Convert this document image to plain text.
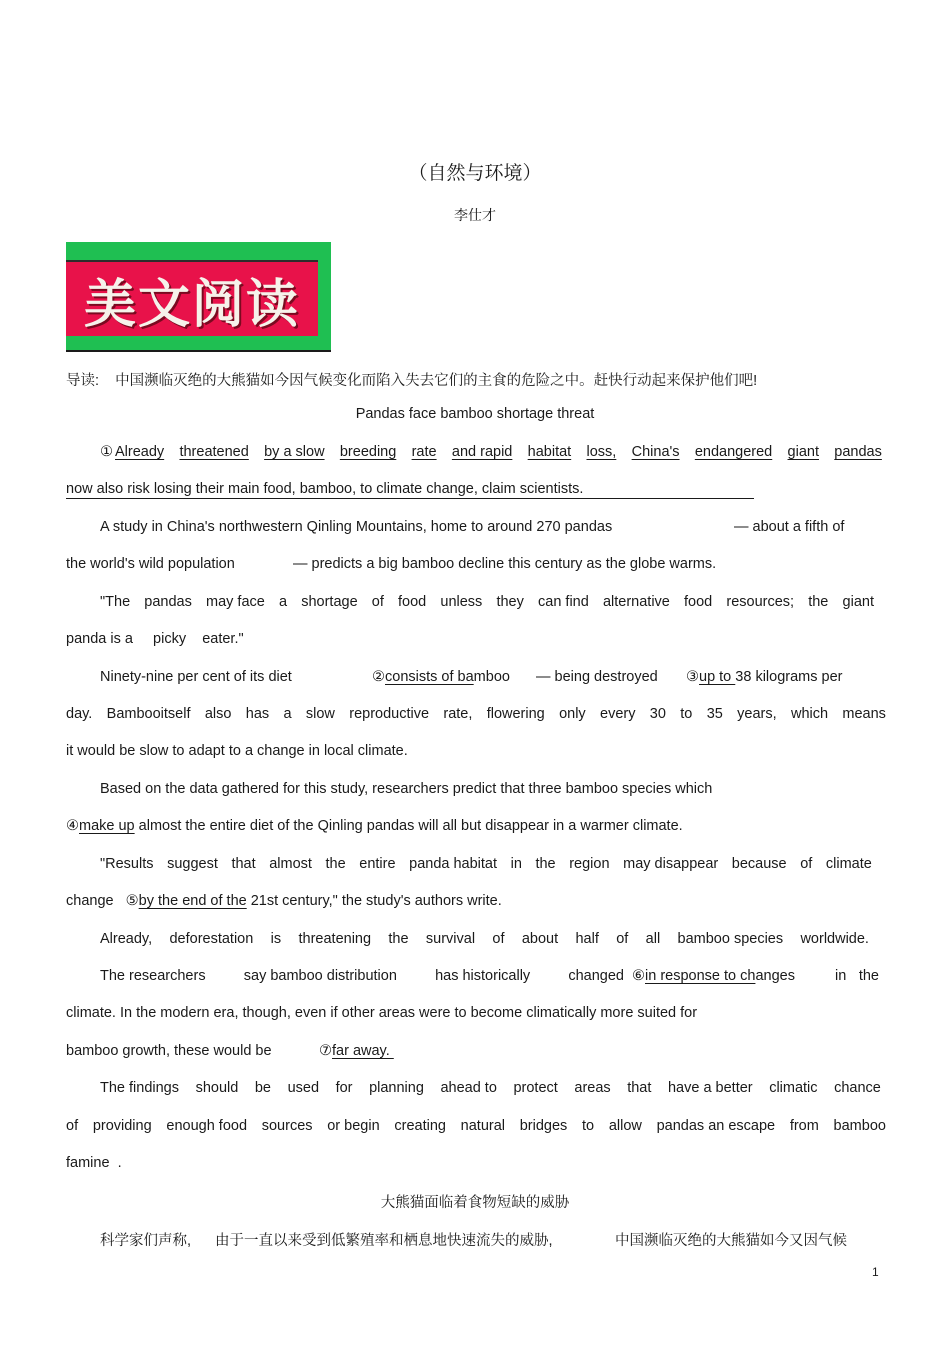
（自然与环境）
李仕才
美文阅读
导读: 中国濒临灭绝的大熊猫如今因气候变化而陷入失去它们的主食的危险之中。赶快行动起来保护他们吧!
Pandas face bamboo shortage threat
① Already threatened by a slow breeding rate and rapid habitat loss, China's endangered giant pandas
now also risk losing their main food, bamboo, to climate change, claim scientists.
A study in China's northwestern Qinling Mountains, home to around 270 pandas	— about a fifth of
the world's wild population	— predicts a big bamboo decline this century as the globe warms.
"The pandas may face a shortage of food unless they can find alternative food resources; the giant
panda is a     picky    eater."
Ninety-nine per cent of its diet	②consists of bamboo — being destroyed ③up to 38 kilograms per
day. Bambooitself also has a slow reproductive rate, flowering only every 30 to 35 years, which means
it would be slow to adapt to a change in local climate.
Based on the data gathered for this study, researchers predict that three bamboo species which
④make up almost the entire diet of the Qinling pandas will all but disappear in a warmer climate.
"Results suggest that almost the entire panda habitat in the region may disappear because of climate
change ⑤by the end of the 21st century," the study's authors write.
Already, deforestation is threatening the survival of about half of all bamboo species worldwide.
The researchers	say bamboo distribution	has historically	changed ⑥in response to changes	in the
climate. In the modern era, though, even if other areas were to become climatically more suited for
bamboo growth, these would be	⑦far away.
The findings should be used for planning ahead to protect areas that have a better climatic chance
of providing enough food sources or begin creating natural bridges to allow pandas an escape from bamboo
famine  .
大熊猫面临着食物短缺的威胁
科学家们声称, 由于一直以来受到低繁殖率和栖息地快速流失的威胁,	中国濒临灭绝的大熊猫如今又因气候
1
